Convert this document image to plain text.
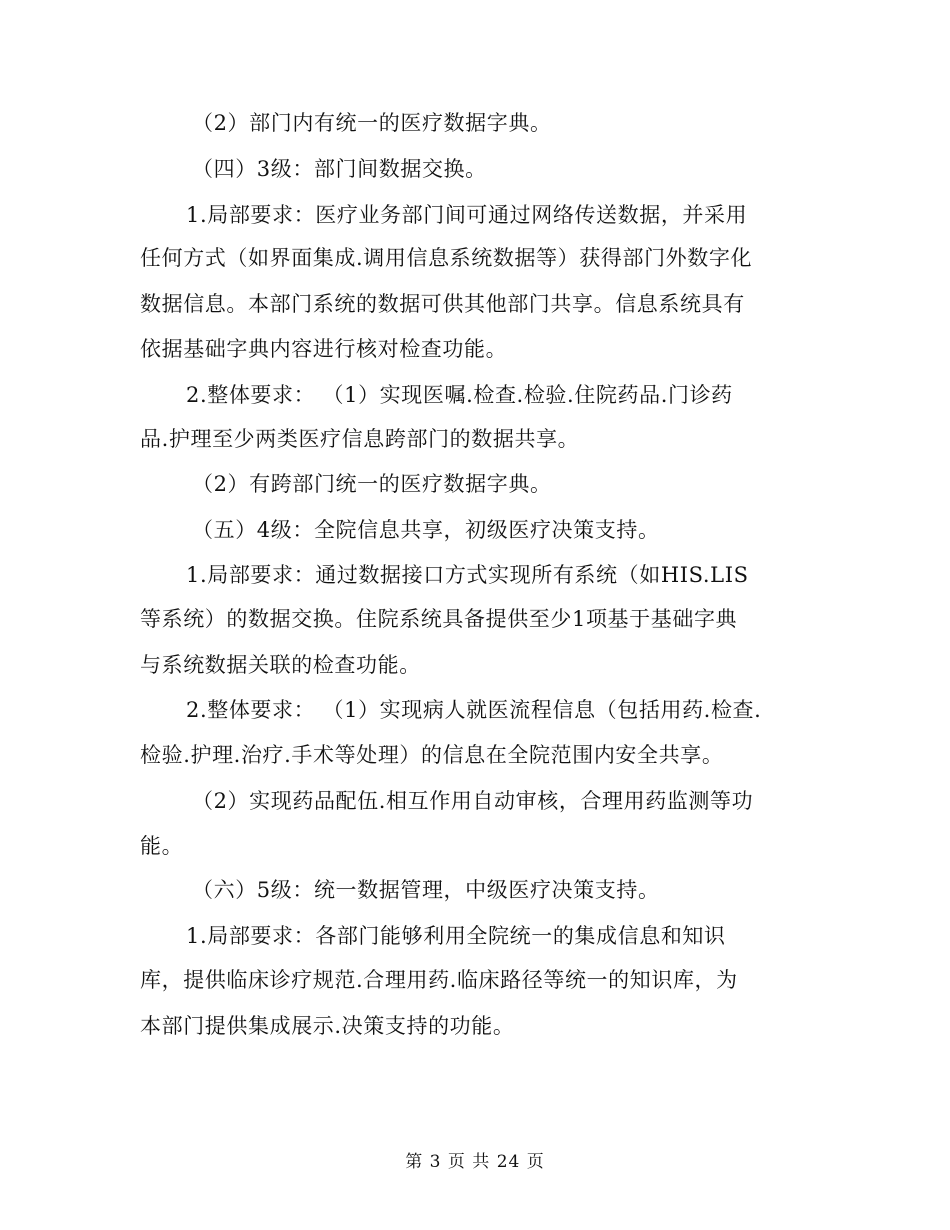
（2）部门内有统一的医疗数据字典。
（四）3级：部门间数据交换。
1.局部要求：医疗业务部门间可通过网络传送数据，并采用
任何方式（如界面集成.调用信息系统数据等）获得部门外数字化
数据信息。本部门系统的数据可供其他部门共享。信息系统具有
依据基础字典内容进行核对检查功能。
2.整体要求： （1）实现医嘱.检查.检验.住院药品.门诊药
品.护理至少两类医疗信息跨部门的数据共享。
（2）有跨部门统一的医疗数据字典。
（五）4级：全院信息共享，初级医疗决策支持。
1.局部要求：通过数据接口方式实现所有系统（如HIS.LIS
等系统）的数据交换。住院系统具备提供至少1项基于基础字典
与系统数据关联的检查功能。
2.整体要求： （1）实现病人就医流程信息（包括用药.检查.
检验.护理.治疗.手术等处理）的信息在全院范围内安全共享。
（2）实现药品配伍.相互作用自动审核，合理用药监测等功
能。
（六）5级：统一数据管理，中级医疗决策支持。
1.局部要求：各部门能够利用全院统一的集成信息和知识
库，提供临床诊疗规范.合理用药.临床路径等统一的知识库，为
本部门提供集成展示.决策支持的功能。
第 3 页 共 24 页
